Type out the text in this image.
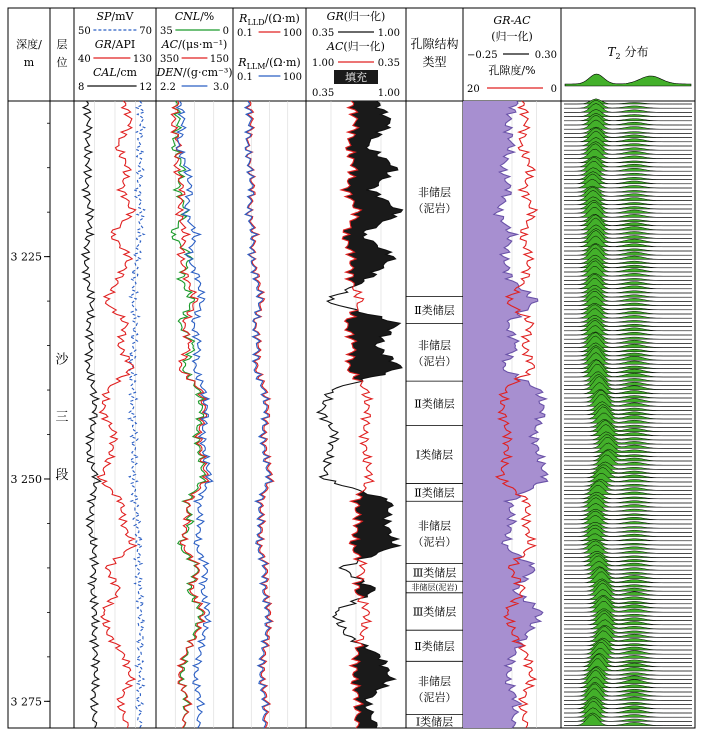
深度/
m
层
位
SP/mV
50	70
GR/API
40	130
CAL/cm
8	12
CNL/%
35	0
AC/(μs·m⁻¹)
350	150
DEN/(g·cm⁻³)
2.2	3.0
$R_{LLD}/(\Omega\cdot m)$
0.1	100
$R_{LLM}/(\Omega\cdot m)$
0.1	100
GR(归一化)
0.35	1.00
AC(归一化)
1.00	0.35
填充
0.35	1.00
孔隙结构
类型
GR-AC
(归一化)
−0.25	0.30
孔隙度/%
20	0
$T_2$ 分布
非储层
（泥岩）
Ⅱ类储层
非储层
（泥岩）
Ⅱ类储层
Ⅰ类储层
Ⅱ类储层
非储层
（泥岩）
Ⅲ类储层
非储层(泥岩)
Ⅲ类储层
Ⅱ类储层
非储层
（泥岩）
Ⅰ类储层
3 225
3 250
3 275
沙
三
段
